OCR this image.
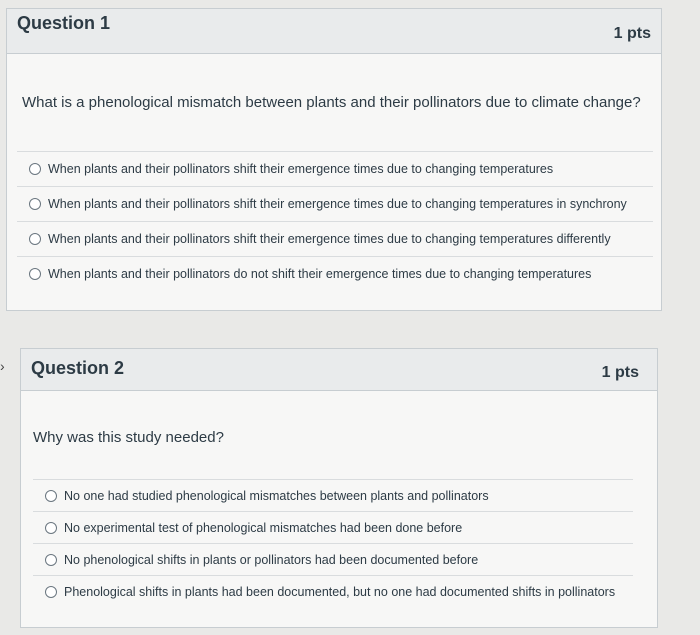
›
Question 1
1 pts
What is a phenological mismatch between plants and their pollinators due to climate change?
When plants and their pollinators shift their emergence times due to changing temperatures
When plants and their pollinators shift their emergence times due to changing temperatures in synchrony
When plants and their pollinators shift their emergence times due to changing temperatures differently
When plants and their pollinators do not shift their emergence times due to changing temperatures
Question 2	1 pts
Why was this study needed?
No one had studied phenological mismatches between plants and pollinators
No experimental test of phenological mismatches had been done before
No phenological shifts in plants or pollinators had been documented before
Phenological shifts in plants had been documented, but no one had documented shifts in pollinators
